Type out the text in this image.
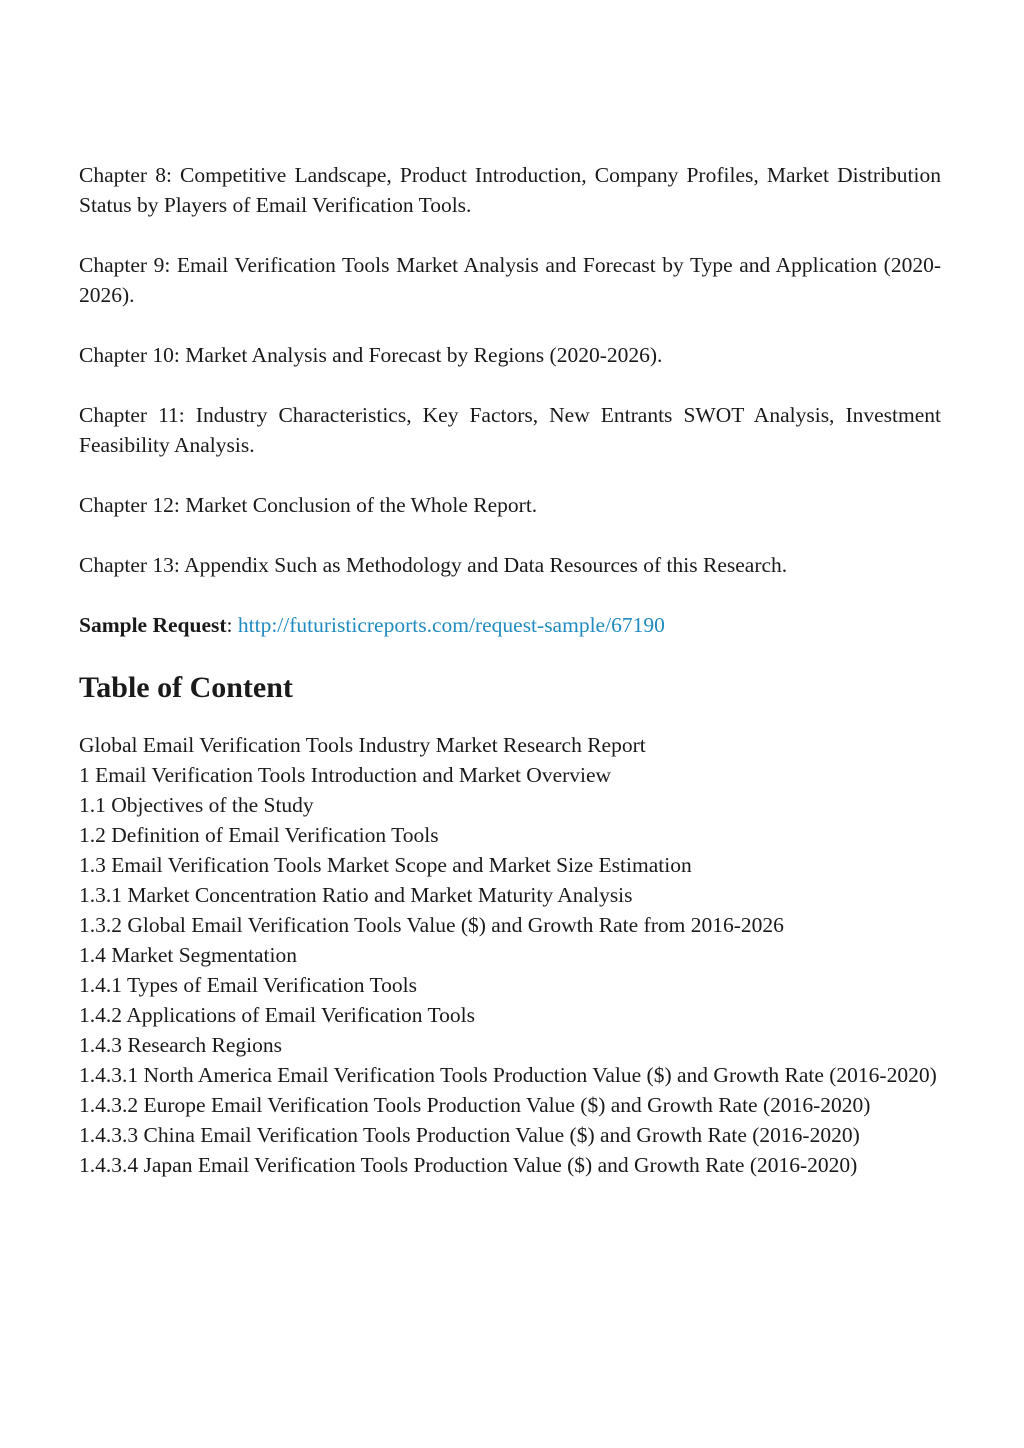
Chapter 8: Competitive Landscape, Product Introduction, Company Profiles, Market Distribution Status by Players of Email Verification Tools.

Chapter 9: Email Verification Tools Market Analysis and Forecast by Type and Application (2020-2026).

Chapter 10: Market Analysis and Forecast by Regions (2020-2026).

Chapter 11: Industry Characteristics, Key Factors, New Entrants SWOT Analysis, Investment Feasibility Analysis.

Chapter 12: Market Conclusion of the Whole Report.

Chapter 13: Appendix Such as Methodology and Data Resources of this Research.

Sample Request: http://futuristicreports.com/request-sample/67190

Table of Content
Global Email Verification Tools Industry Market Research Report
1 Email Verification Tools Introduction and Market Overview
1.1 Objectives of the Study
1.2 Definition of Email Verification Tools
1.3 Email Verification Tools Market Scope and Market Size Estimation
1.3.1 Market Concentration Ratio and Market Maturity Analysis
1.3.2 Global Email Verification Tools Value ($) and Growth Rate from 2016-2026
1.4 Market Segmentation
1.4.1 Types of Email Verification Tools
1.4.2 Applications of Email Verification Tools
1.4.3 Research Regions
1.4.3.1 North America Email Verification Tools Production Value ($) and Growth Rate (2016-2020)
1.4.3.2 Europe Email Verification Tools Production Value ($) and Growth Rate (2016-2020)
1.4.3.3 China Email Verification Tools Production Value ($) and Growth Rate (2016-2020)
1.4.3.4 Japan Email Verification Tools Production Value ($) and Growth Rate (2016-2020)
